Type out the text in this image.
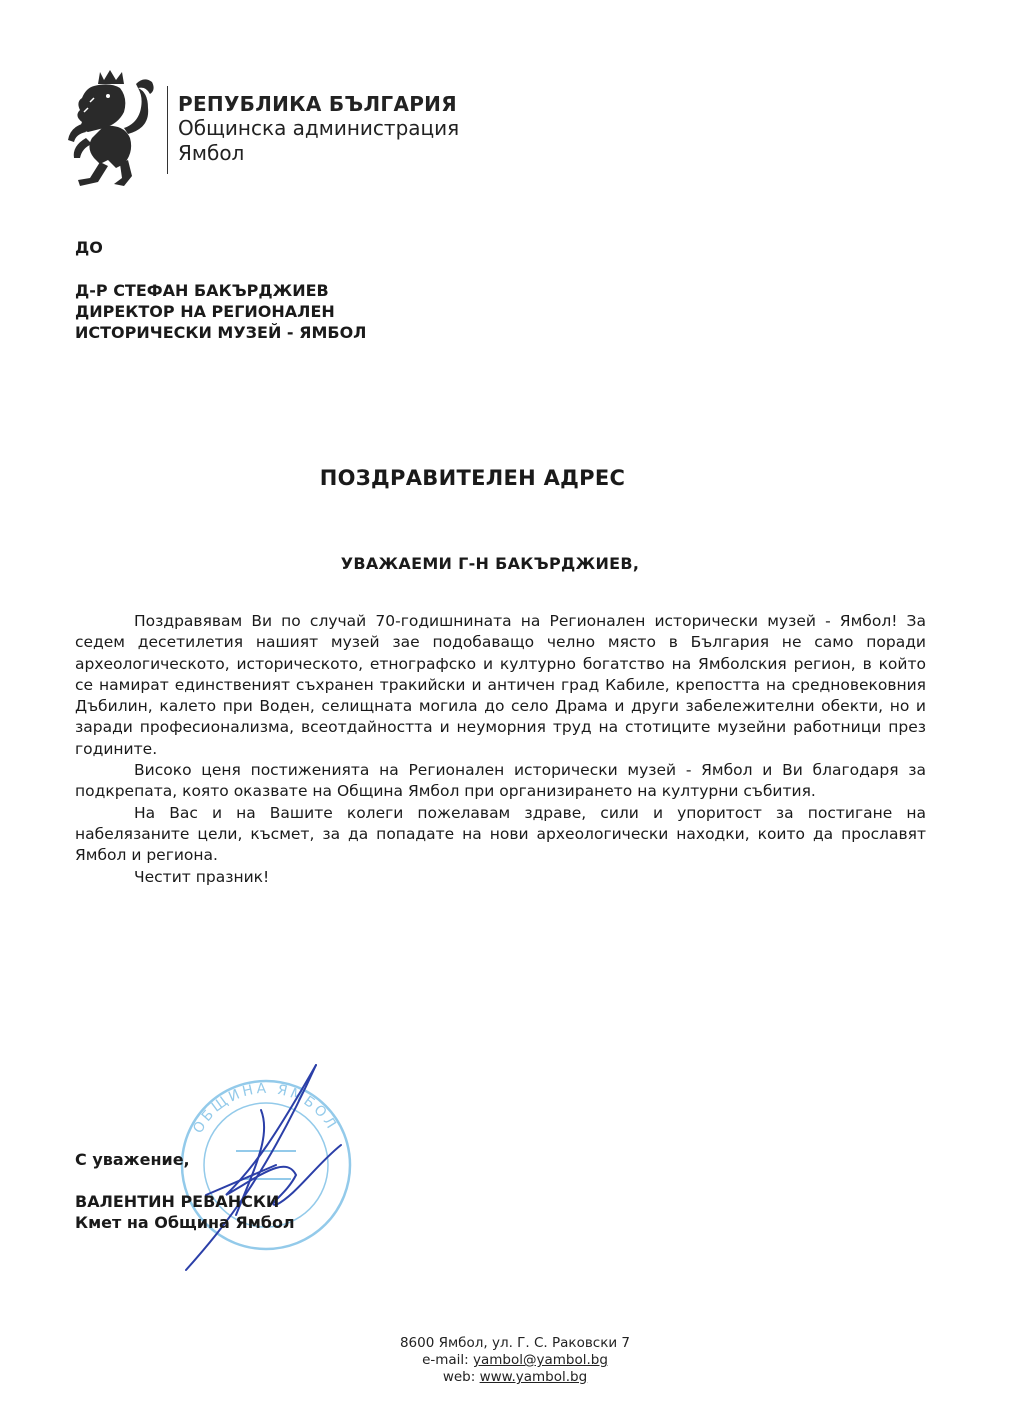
РЕПУБЛИКА БЪЛГАРИЯ
Общинска администрация
Ямбол
ДО
Д-Р СТЕФАН БАКЪРДЖИЕВ
ДИРЕКТОР НА РЕГИОНАЛЕН
ИСТОРИЧЕСКИ МУЗЕЙ - ЯМБОЛ
ПОЗДРАВИТЕЛЕН АДРЕС
УВАЖАЕМИ Г-Н БАКЪРДЖИЕВ,

Поздравявам Ви по случай 70-годишнината на Регионален исторически музей - Ямбол! За седем десетилетия нашият музей зае подобаващо челно място в България не само поради археологическото, историческото, етнографско и културно богатство на Ямболския регион, в който се намират единственият съхранен тракийски и античен град Кабиле, крепостта на средновековния Дъбилин, калето при Воден, селищната могила до село Драма и други забележителни обекти, но и заради професионализма, всеотдайността и неуморния труд на стотиците музейни работници през годините.

Високо ценя постиженията на Регионален исторически музей - Ямбол и Ви благодаря за подкрепата, която оказвате на Община Ямбол при организирането на културни събития.

На Вас и на Вашите колеги пожелавам здраве, сили и упоритост за постигане на набелязаните цели, късмет, за да попадате на нови археологически находки, които да прославят Ямбол и региона.

Честит празник!

ОБЩИНА ЯМБОЛ
С уважение,
ВАЛЕНТИН РЕВАНСКИ
Кмет на Община Ямбол
8600 Ямбол, ул. Г. С. Раковски 7
e-mail: yambol@yambol.bg
web: www.yambol.bg
